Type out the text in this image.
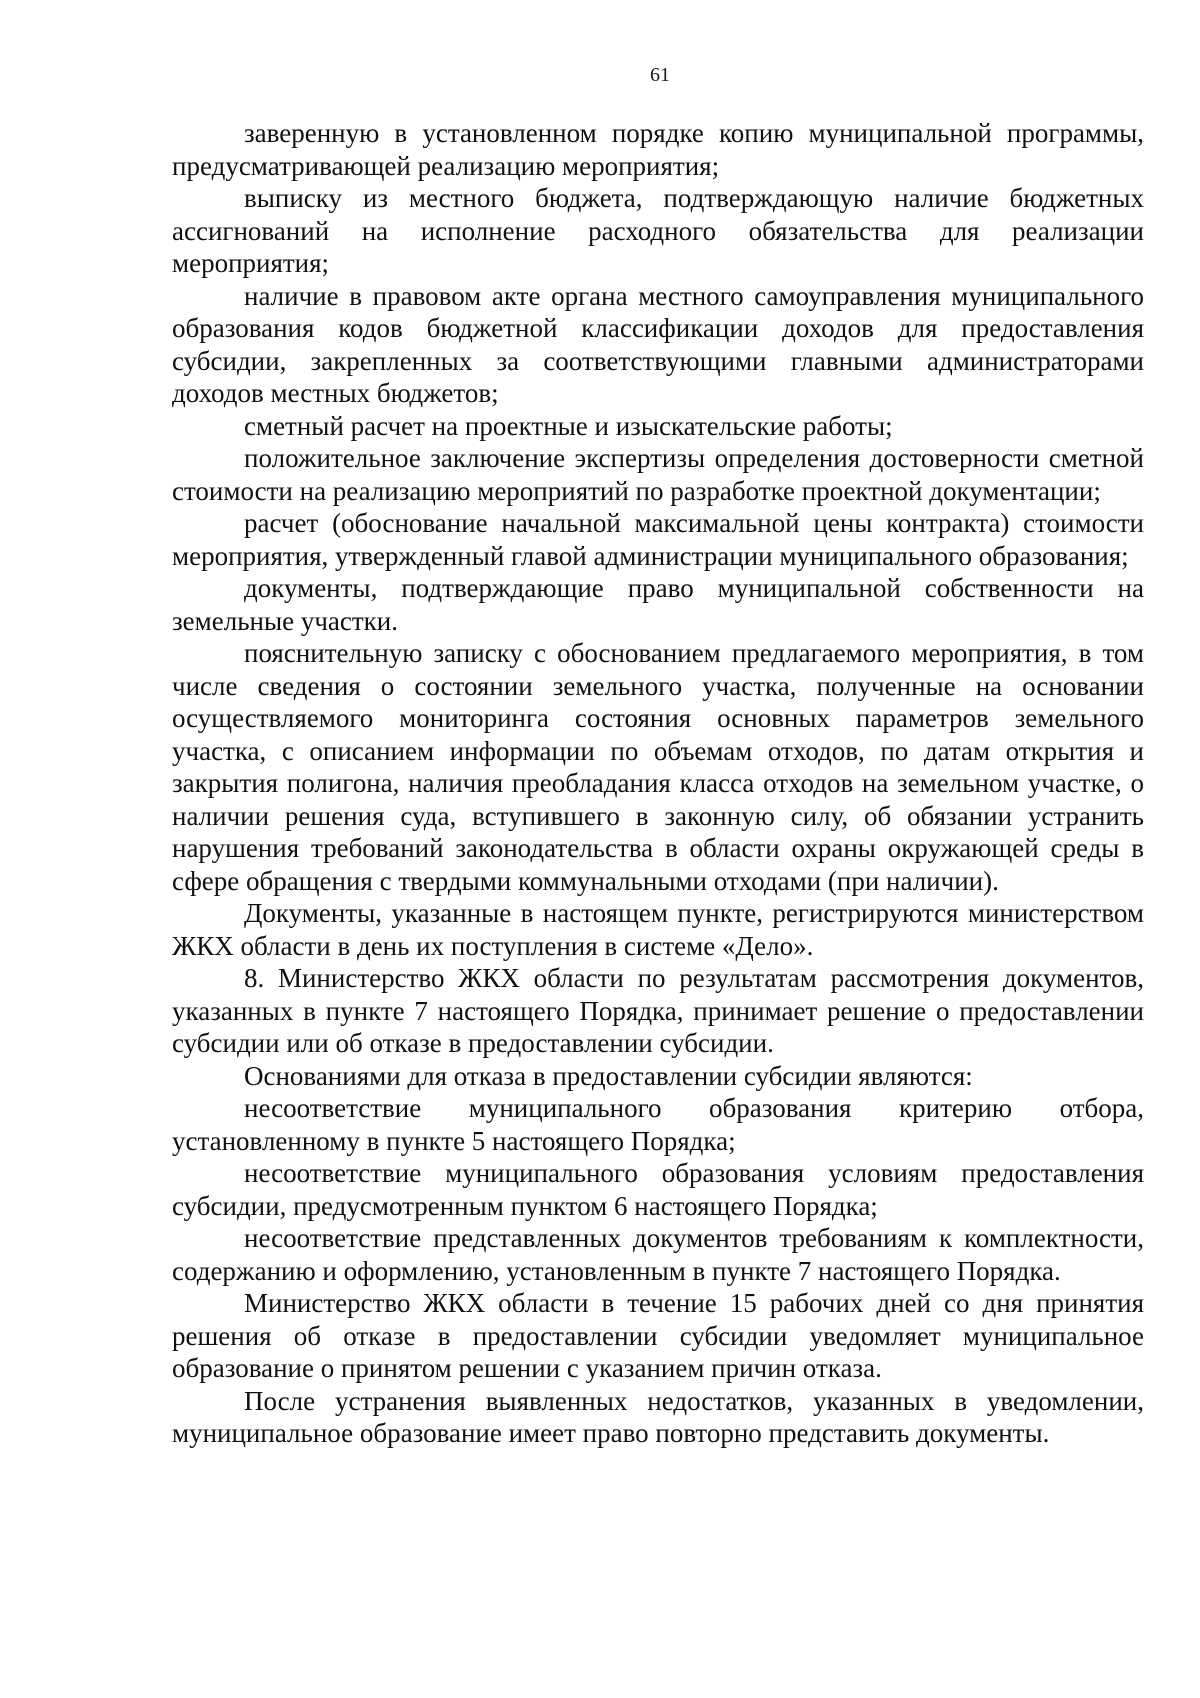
61

заверенную в установленном порядке копию муниципальной программы, предусматривающей реализацию мероприятия;

выписку из местного бюджета, подтверждающую наличие бюджетных ассигнований на исполнение расходного обязательства для реализации мероприятия;

наличие в правовом акте органа местного самоуправления муниципального образования кодов бюджетной классификации доходов для предоставления субсидии, закрепленных за соответствующими главными администраторами доходов местных бюджетов;

сметный расчет на проектные и изыскательские работы;

положительное заключение экспертизы определения достоверности сметной стоимости на реализацию мероприятий по разработке проектной документации;

расчет (обоснование начальной максимальной цены контракта) стоимости мероприятия, утвержденный главой администрации муниципального образования;

документы, подтверждающие право муниципальной собственности на земельные участки.

пояснительную записку с обоснованием предлагаемого мероприятия, в том числе сведения о состоянии земельного участка, полученные на основании осуществляемого мониторинга состояния основных параметров земельного участка, с описанием информации по объемам отходов, по датам открытия и закрытия полигона, наличия преобладания класса отходов на земельном участке, о наличии решения суда, вступившего в законную силу, об обязании устранить нарушения требований законодательства в области охраны окружающей среды в сфере обращения с твердыми коммунальными отходами (при наличии).

Документы, указанные в настоящем пункте, регистрируются министерством ЖКХ области в день их поступления в системе «Дело».

8. Министерство ЖКХ области по результатам рассмотрения документов, указанных в пункте 7 настоящего Порядка, принимает решение о предоставлении субсидии или об отказе в предоставлении субсидии.

Основаниями для отказа в предоставлении субсидии являются:

несоответствие муниципального образования критерию отбора, установленному в пункте 5 настоящего Порядка;

несоответствие муниципального образования условиям предоставления субсидии, предусмотренным пунктом 6 настоящего Порядка;

несоответствие представленных документов требованиям к комплектности, содержанию и оформлению, установленным в пункте 7 настоящего Порядка.

Министерство ЖКХ области в течение 15 рабочих дней со дня принятия решения об отказе в предоставлении субсидии уведомляет муниципальное образование о принятом решении с указанием причин отказа.

После устранения выявленных недостатков, указанных в уведомлении, муниципальное образование имеет право повторно представить документы.
